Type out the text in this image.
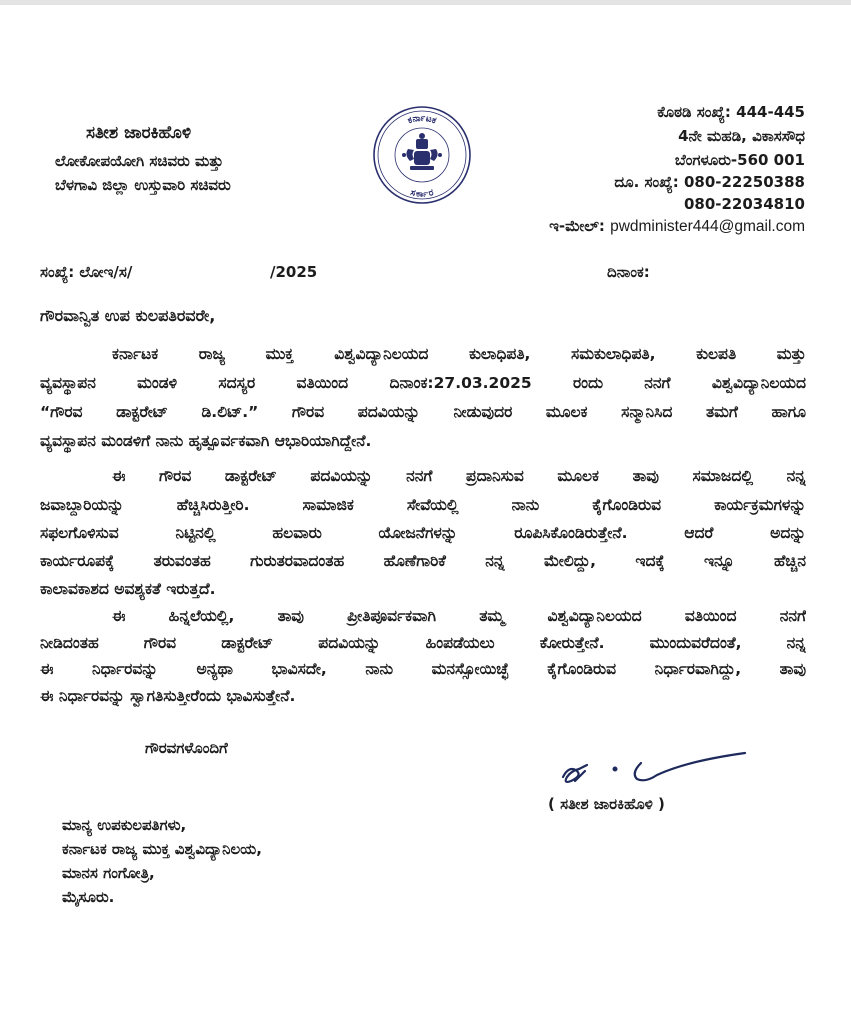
ಸತೀಶ ಜಾರಕಿಹೊಳಿ
ಲೋಕೋಪಯೋಗಿ ಸಚಿವರು ಮತ್ತು
ಬೆಳಗಾವಿ ಜಿಲ್ಲಾ ಉಸ್ತುವಾರಿ ಸಚಿವರು
ಕರ್ನಾಟಕ
ಸರ್ಕಾರ
ಕೊಠಡಿ ಸಂಖ್ಯೆ: 444-445
4ನೇ ಮಹಡಿ, ವಿಕಾಸಸೌಧ
ಬೆಂಗಳೂರು-560 001
ದೂ. ಸಂಖ್ಯೆ: 080-22250388
080-22034810
ಇ-ಮೇಲ್: pwdminister444@gmail.com
ಸಂಖ್ಯೆ: ಲೋಇ/ಸ/	/2025	ದಿನಾಂಕ:
ಗೌರವಾನ್ವಿತ ಉಪ ಕುಲಪತಿರವರೇ,
ಕರ್ನಾಟಕ ರಾಜ್ಯ ಮುಕ್ತ ವಿಶ್ವವಿದ್ಯಾನಿಲಯದ ಕುಲಾಧಿಪತಿ, ಸಮಕುಲಾಧಿಪತಿ, ಕುಲಪತಿ ಮತ್ತು
ವ್ಯವಸ್ಥಾಪನ ಮಂಡಳಿ ಸದಸ್ಯರ ವತಿಯಿಂದ ದಿನಾಂಕ:27.03.2025 ರಂದು ನನಗೆ ವಿಶ್ವವಿದ್ಯಾನಿಲಯದ
“ಗೌರವ ಡಾಕ್ಟರೇಟ್ ಡಿ.ಲಿಟ್.” ಗೌರವ ಪದವಿಯನ್ನು ನೀಡುವುದರ ಮೂಲಕ ಸನ್ಮಾನಿಸಿದ ತಮಗೆ ಹಾಗೂ
ವ್ಯವಸ್ಥಾಪನ ಮಂಡಳಿಗೆ ನಾನು ಹೃತ್ಪೂರ್ವಕವಾಗಿ ಆಭಾರಿಯಾಗಿದ್ದೇನೆ.
ಈ ಗೌರವ ಡಾಕ್ಟರೇಟ್ ಪದವಿಯನ್ನು ನನಗೆ ಪ್ರದಾನಿಸುವ ಮೂಲಕ ತಾವು ಸಮಾಜದಲ್ಲಿ ನನ್ನ
ಜವಾಬ್ದಾರಿಯನ್ನು ಹೆಚ್ಚಿಸಿರುತ್ತೀರಿ. ಸಾಮಾಜಿಕ ಸೇವೆಯಲ್ಲಿ ನಾನು ಕೈಗೊಂಡಿರುವ ಕಾರ್ಯಕ್ರಮಗಳನ್ನು
ಸಫಲಗೊಳಿಸುವ ನಿಟ್ಟಿನಲ್ಲಿ ಹಲವಾರು ಯೋಜನೆಗಳನ್ನು ರೂಪಿಸಿಕೊಂಡಿರುತ್ತೇನೆ. ಆದರೆ ಅದನ್ನು
ಕಾರ್ಯರೂಪಕ್ಕೆ ತರುವಂತಹ ಗುರುತರವಾದಂತಹ ಹೊಣೆಗಾರಿಕೆ ನನ್ನ ಮೇಲಿದ್ದು, ಇದಕ್ಕೆ ಇನ್ನೂ ಹೆಚ್ಚಿನ
ಕಾಲಾವಕಾಶದ ಅವಶ್ಯಕತೆ ಇರುತ್ತದೆ.
ಈ ಹಿನ್ನಲೆಯಲ್ಲಿ, ತಾವು ಪ್ರೀತಿಪೂರ್ವಕವಾಗಿ ತಮ್ಮ ವಿಶ್ವವಿದ್ಯಾನಿಲಯದ ವತಿಯಿಂದ ನನಗೆ
ನೀಡಿದಂತಹ ಗೌರವ ಡಾಕ್ಟರೇಟ್ ಪದವಿಯನ್ನು ಹಿಂಪಡೆಯಲು ಕೋರುತ್ತೇನೆ. ಮುಂದುವರೆದಂತೆ, ನನ್ನ
ಈ ನಿರ್ಧಾರವನ್ನು ಅನ್ಯಥಾ ಭಾವಿಸದೇ, ನಾನು ಮನಸ್ಸೋಯಿಚ್ಛೆ ಕೈಗೊಂಡಿರುವ ನಿರ್ಧಾರವಾಗಿದ್ದು, ತಾವು
ಈ ನಿರ್ಧಾರವನ್ನು ಸ್ವಾಗತಿಸುತ್ತೀರೆಂದು ಭಾವಿಸುತ್ತೇನೆ.
ಗೌರವಗಳೊಂದಿಗೆ
( ಸತೀಶ ಜಾರಕಿಹೊಳಿ )
ಮಾನ್ಯ ಉಪಕುಲಪತಿಗಳು,
ಕರ್ನಾಟಕ ರಾಜ್ಯ ಮುಕ್ತ ವಿಶ್ವವಿದ್ಯಾನಿಲಯ,
ಮಾನಸ ಗಂಗೋತ್ರಿ,
ಮೈಸೂರು.
